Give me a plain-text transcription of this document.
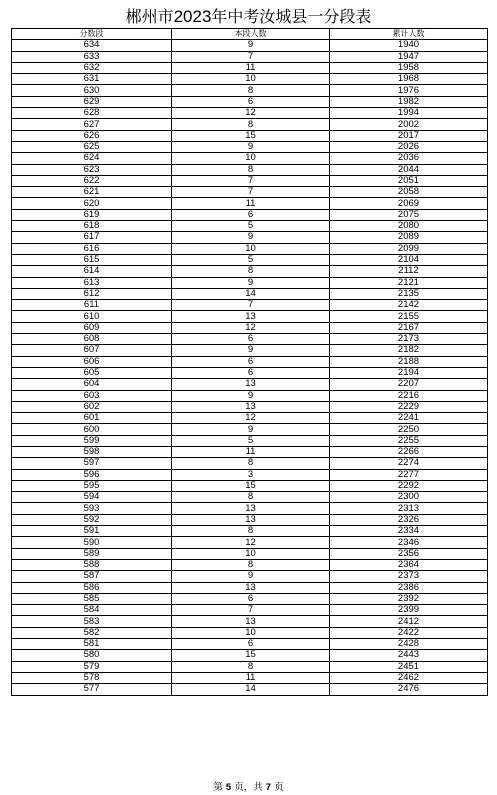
郴州市2023年中考汝城县一分段表
分数段	本段人数	累计人数
634	9	1940
633	7	1947
632	11	1958
631	10	1968
630	8	1976
629	6	1982
628	12	1994
627	8	2002
626	15	2017
625	9	2026
624	10	2036
623	8	2044
622	7	2051
621	7	2058
620	11	2069
619	6	2075
618	5	2080
617	9	2089
616	10	2099
615	5	2104
614	8	2112
613	9	2121
612	14	2135
611	7	2142
610	13	2155
609	12	2167
608	6	2173
607	9	2182
606	6	2188
605	6	2194
604	13	2207
603	9	2216
602	13	2229
601	12	2241
600	9	2250
599	5	2255
598	11	2266
597	8	2274
596	3	2277
595	15	2292
594	8	2300
593	13	2313
592	13	2326
591	8	2334
590	12	2346
589	10	2356
588	8	2364
587	9	2373
586	13	2386
585	6	2392
584	7	2399
583	13	2412
582	10	2422
581	6	2428
580	15	2443
579	8	2451
578	11	2462
577	14	2476
第 5 页，共 7 页
